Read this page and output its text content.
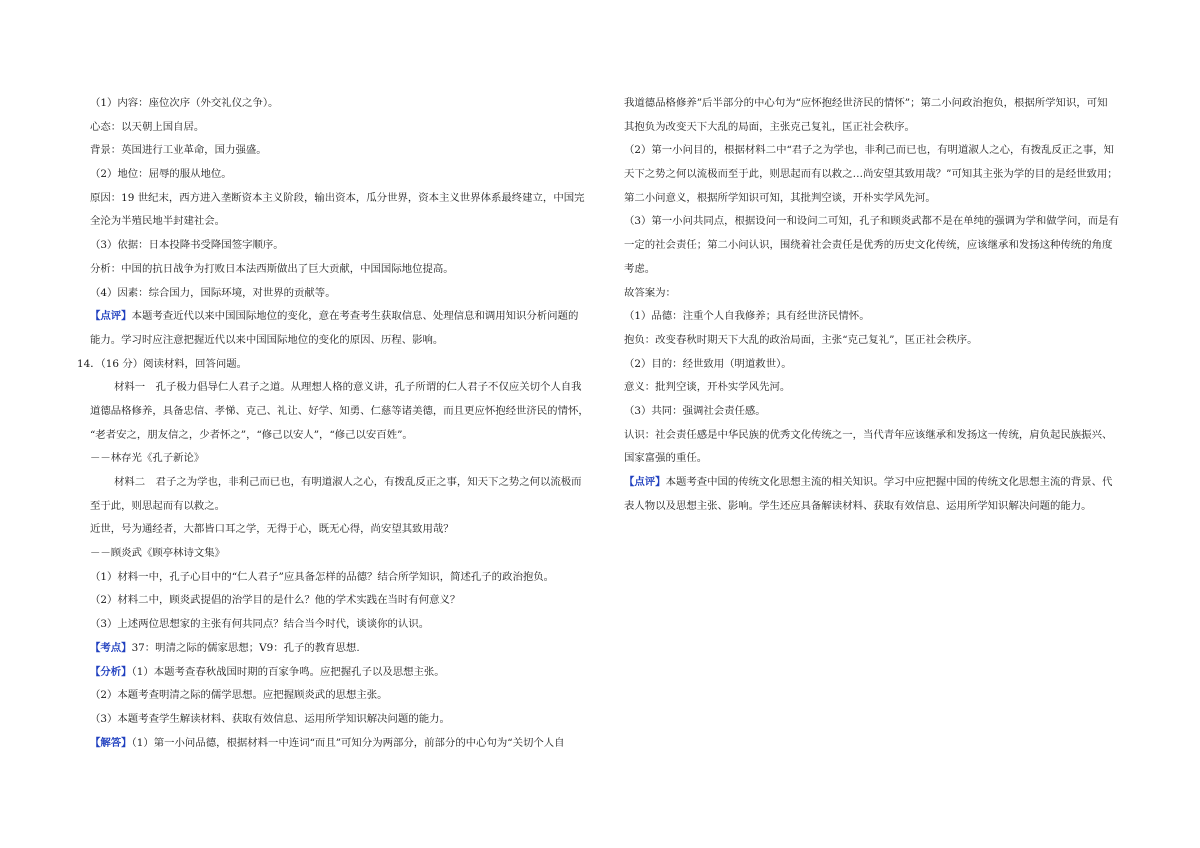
（1）内容：座位次序（外交礼仪之争）。
心态：以天朝上国自居。
背景：英国进行工业革命，国力强盛。
（2）地位：屈辱的服从地位。
原因：19 世纪末，西方进入垄断资本主义阶段，输出资本，瓜分世界，资本主义世界体系最终建立，中国完
全沦为半殖民地半封建社会。
（3）依据：日本投降书受降国签字顺序。
分析：中国的抗日战争为打败日本法西斯做出了巨大贡献，中国国际地位提高。
（4）因素：综合国力，国际环境，对世界的贡献等。
【点评】本题考查近代以来中国国际地位的变化，意在考查考生获取信息、处理信息和调用知识分析问题的
能力。学习时应注意把握近代以来中国国际地位的变化的原因、历程、影响。
14．（16 分）阅读材料，回答问题。
材料一　孔子极力倡导仁人君子之道。从理想人格的意义讲，孔子所谓的仁人君子不仅应关切个人自我
道德品格修养，具备忠信、孝悌、克己、礼让、好学、知勇、仁慈等诸美德，而且更应怀抱经世济民的情怀，
“老者安之，朋友信之，少者怀之”，“修己以安人”，“修己以安百姓”。
－－林存光《孔子新论》
材料二　君子之为学也，非利己而已也，有明道淑人之心，有拨乱反正之事，知天下之势之何以流极而
至于此，则思起而有以救之。
近世，号为通经者，大都皆口耳之学，无得于心，既无心得，尚安望其致用哉？
－－顾炎武《顾亭林诗文集》
（1）材料一中，孔子心目中的“仁人君子”应具备怎样的品德？结合所学知识，简述孔子的政治抱负。
（2）材料二中，顾炎武提倡的治学目的是什么？他的学术实践在当时有何意义？
（3）上述两位思想家的主张有何共同点？结合当今时代，谈谈你的认识。
【考点】37：明清之际的儒家思想；V9：孔子的教育思想.
【分析】（1）本题考查春秋战国时期的百家争鸣。应把握孔子以及思想主张。
（2）本题考查明清之际的儒学思想。应把握顾炎武的思想主张。
（3）本题考查学生解读材料、获取有效信息、运用所学知识解决问题的能力。
【解答】（1）第一小问品德，根据材料一中连词“而且”可知分为两部分，前部分的中心句为“关切个人自
我道德品格修养”后半部分的中心句为“应怀抱经世济民的情怀”；第二小问政治抱负，根据所学知识，可知
其抱负为改变天下大乱的局面，主张克己复礼，匡正社会秩序。
（2）第一小问目的，根据材料二中“君子之为学也，非利己而已也，有明道淑人之心，有拨乱反正之事，知
天下之势之何以流极而至于此，则思起而有以救之…尚安望其致用哉？”可知其主张为学的目的是经世致用；
第二小问意义，根据所学知识可知，其批判空谈，开朴实学风先河。
（3）第一小问共同点，根据设问一和设问二可知，孔子和顾炎武都不是在单纯的强调为学和做学问，而是有
一定的社会责任；第二小问认识，围绕着社会责任是优秀的历史文化传统，应该继承和发扬这种传统的角度
考虑。
故答案为：
（1）品德：注重个人自我修养；具有经世济民情怀。
抱负：改变春秋时期天下大乱的政治局面，主张“克己复礼”，匡正社会秩序。
（2）目的：经世致用（明道救世）。
意义：批判空谈，开朴实学风先河。
（3）共同：强调社会责任感。
认识：社会责任感是中华民族的优秀文化传统之一，当代青年应该继承和发扬这一传统，肩负起民族振兴、
国家富强的重任。
【点评】本题考查中国的传统文化思想主流的相关知识。学习中应把握中国的传统文化思想主流的背景、代
表人物以及思想主张、影响。学生还应具备解读材料、获取有效信息、运用所学知识解决问题的能力。
